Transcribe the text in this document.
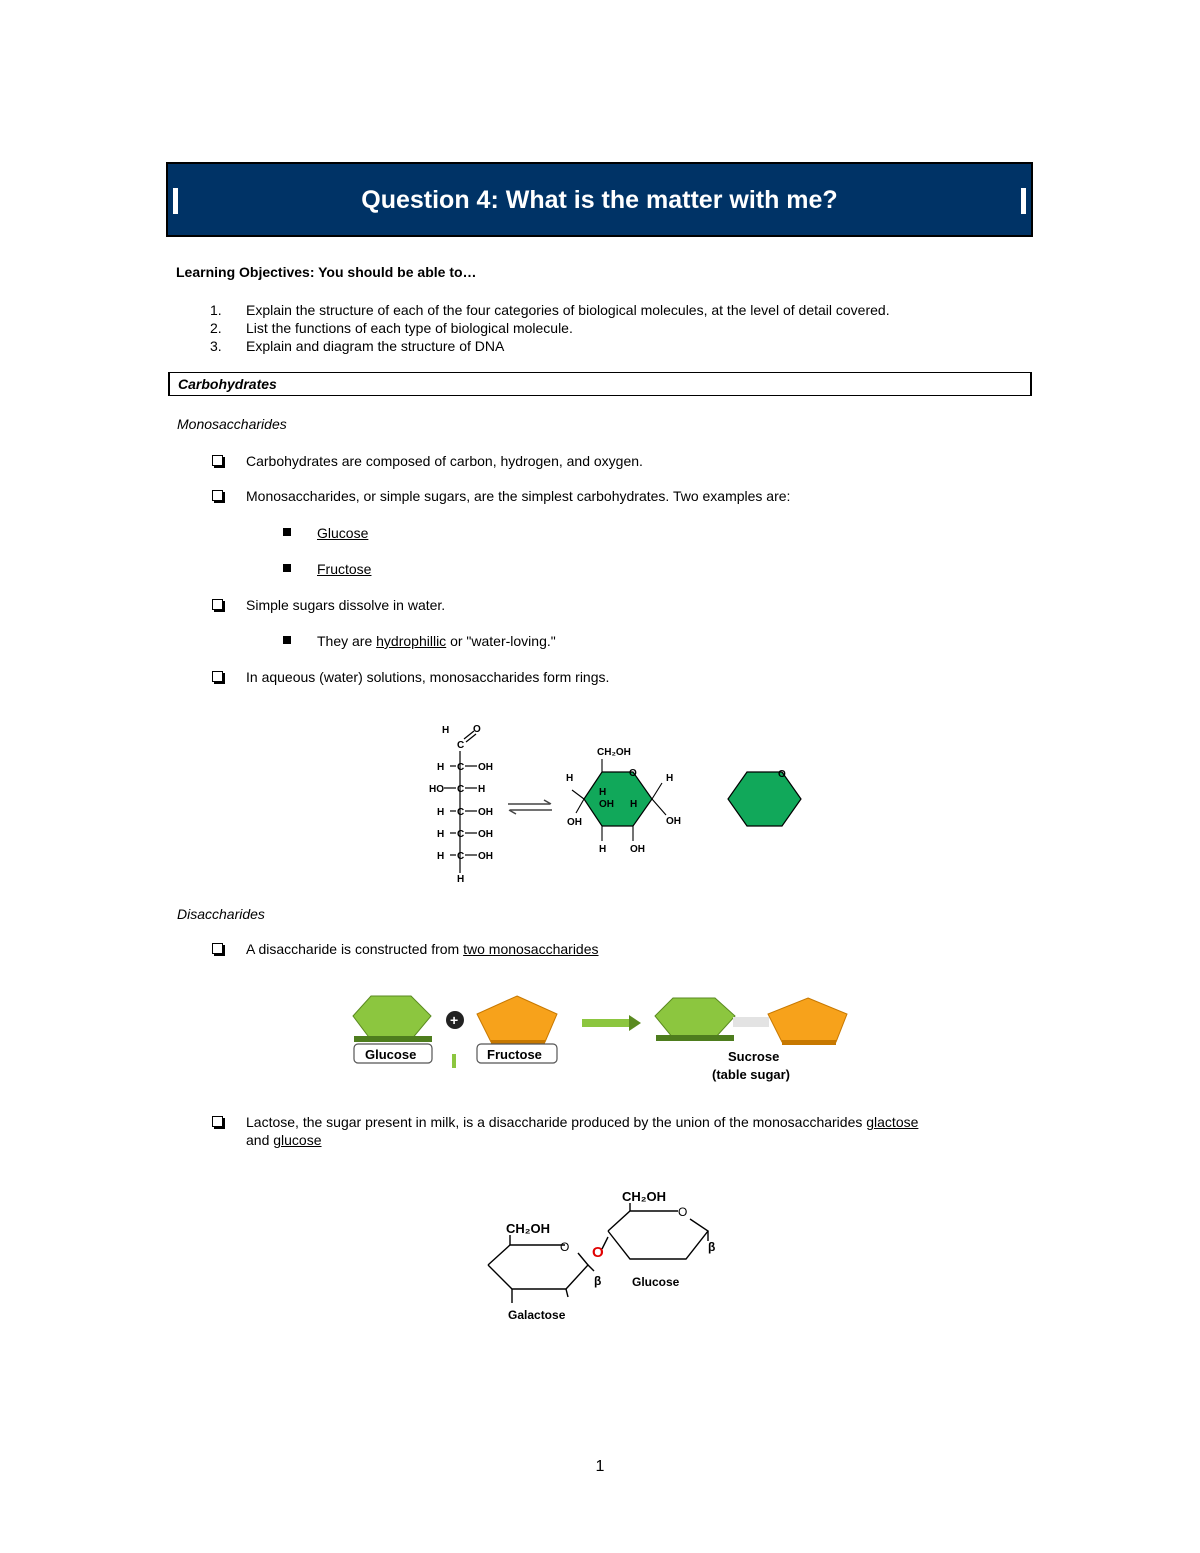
Question 4: What is the matter with me?
Learning Objectives: You should be able to…
1. Explain the structure of each of the four categories of biological molecules, at the level of detail covered.
2. List the functions of each type of biological molecule.
3. Explain and diagram the structure of DNA
Carbohydrates
Monosaccharides
Carbohydrates are composed of carbon, hydrogen, and oxygen.
Monosaccharides, or simple sugars, are the simplest carbohydrates. Two examples are:
Glucose
Fructose
Simple sugars dissolve in water.
They are hydrophillic or "water-loving."
In aqueous (water) solutions, monosaccharides form rings.
H O
C
H C OH
HO C H
H C OH
H C OH
H C OH
H
CH₂OH
O
H	H
OH	OH
H
OH H
H OH
O
Disaccharides
A disaccharide is constructed from two monosaccharides
+
Glucose	Fructose	Sucrose
(table sugar)
Lactose, the sugar present in milk, is a disaccharide produced by the union of the monosaccharides glactose
and glucose
CH₂OH
O
β
Galactose
O
CH₂OH
O
β
Glucose
1
